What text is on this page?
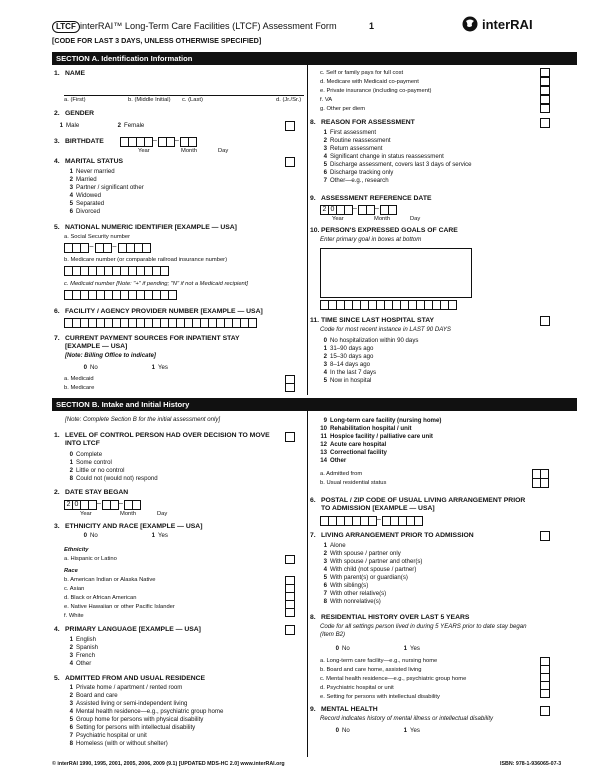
LTCF interRAI™ Long-Term Care Facilities (LTCF) Assessment Form	1
[CODE FOR LAST 3 DAYS, UNLESS OTHERWISE SPECIFIED]
interRAI
SECTION A. Identification Information
1. NAME
a. (First)	b. (Middle Initial) c. (Last)	d. (Jr./Sr.)
2. GENDER
1 Male	2 Female
3. BIRTHDATE	–	–
Year	Month	Day
4. MARITAL STATUS
1 Never married
2 Married
3 Partner / significant other
4 Widowed
5 Separated
6 Divorced
5. NATIONAL NUMERIC IDENTIFIER [EXAMPLE — USA]
a. Social Security number
–	–
b. Medicare number (or comparable railroad insurance number)
c. Medicaid number [Note: "+" if pending; "N" if not a Medicaid recipient]
6. FACILITY / AGENCY PROVIDER NUMBER [EXAMPLE — USA]
7. CURRENT PAYMENT SOURCES FOR INPATIENT STAY
[EXAMPLE — USA]
[Note: Billing Office to indicate]
0 No	1 Yes
a. Medicaid
b. Medicare
c. Self or family pays for full cost
d. Medicare with Medicaid co-payment
e. Private insurance (including co-payment)
f. VA
g. Other per diem
8. REASON FOR ASSESSMENT
1 First assessment
2 Routine reassessment
3 Return assessment
4 Significant change in status reassessment
5 Discharge assessment, covers last 3 days of service
6 Discharge tracking only
7 Other—e.g., research
9. ASSESSMENT REFERENCE DATE
2 0	–	–
Year	Month	Day
10. PERSON'S EXPRESSED GOALS OF CARE
Enter primary goal in boxes at bottom
11. TIME SINCE LAST HOSPITAL STAY
Code for most recent instance in LAST 90 DAYS
0 No hospitalization within 90 days
1 31–90 days ago
2 15–30 days ago
3 8–14 days ago
4 In the last 7 days
5 Now in hospital
SECTION B. Intake and Initial History
[Note: Complete Section B for the initial assessment only]
1. LEVEL OF CONTROL PERSON HAD OVER DECISION TO MOVE
INTO LTCF
0 Complete
1 Some control
2 Little or no control
8 Could not (would not) respond
2. DATE STAY BEGAN
2 0	–	–
Year	Month	Day
3. ETHNICITY AND RACE [EXAMPLE — USA]
0 No	1 Yes
Ethnicity
a. Hispanic or Latino
Race
b. American Indian or Alaska Native
c. Asian
d. Black or African American
e. Native Hawaiian or other Pacific Islander
f. White
4. PRIMARY LANGUAGE [EXAMPLE — USA]
1 English
2 Spanish
3 French
4 Other
5. ADMITTED FROM AND USUAL RESIDENCE
1 Private home / apartment / rented room
2 Board and care
3 Assisted living or semi-independent living
4 Mental health residence—e.g., psychiatric group home
5 Group home for persons with physical disability
6 Setting for persons with intellectual disability
7 Psychiatric hospital or unit
8 Homeless (with or without shelter)
9 Long-term care facility (nursing home)
10 Rehabilitation hospital / unit
11 Hospice facility / palliative care unit
12 Acute care hospital
13 Correctional facility
14 Other
a. Admitted from
b. Usual residential status
6. POSTAL / ZIP CODE OF USUAL LIVING ARRANGEMENT PRIOR
TO ADMISSION [EXAMPLE — USA]
–
7. LIVING ARRANGEMENT PRIOR TO ADMISSION
1 Alone
2 With spouse / partner only
3 With spouse / partner and other(s)
4 With child (not spouse / partner)
5 With parent(s) or guardian(s)
6 With sibling(s)
7 With other relative(s)
8 With nonrelative(s)
8. RESIDENTIAL HISTORY OVER LAST 5 YEARS
Code for all settings person lived in during 5 YEARS prior to date stay began (Item B2)
0 No	1 Yes
a. Long-term care facility—e.g., nursing home
b. Board and care home, assisted living
c. Mental health residence—e.g., psychiatric group home
d. Psychiatric hospital or unit
e. Setting for persons with intellectual disability
9. MENTAL HEALTH
Record indicates history of mental illness or intellectual disability
0 No	1 Yes
© interRAI 1990, 1995, 2001, 2005, 2006, 2009 (9.1) [UPDATED MDS-HC 2.0] www.interRAI.org	ISBN: 978-1-936065-07-3
